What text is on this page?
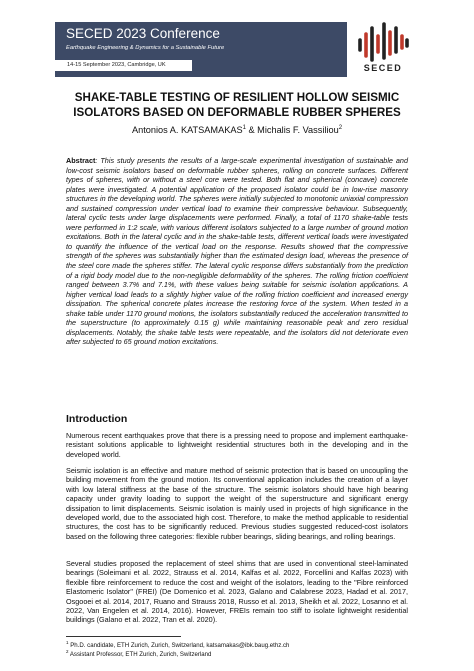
SECED 2023 Conference
Earthquake Engineering & Dynamics for a Sustainable Future
14-15 September 2023, Cambridge, UK	SECED
SHAKE-TABLE TESTING OF RESILIENT HOLLOW SEISMIC
ISOLATORS BASED ON DEFORMABLE RUBBER SPHERES
Antonios A. KATSAMAKAS$^1$ & Michalis F. Vassiliou$^2$
Abstract: This study presents the results of a large-scale experimental investigation of sustainable and low-cost seismic isolators based on deformable rubber spheres, rolling on concrete surfaces. Different types of spheres, with or without a steel core were tested. Both flat and spherical (concave) concrete plates were investigated. A potential application of the proposed isolator could be in low-rise masonry structures in the developing world. The spheres were initially subjected to monotonic uniaxial compression and sustained compression under vertical load to examine their compressive behaviour. Subsequently, lateral cyclic tests under large displacements were performed. Finally, a total of 1170 shake-table tests were performed in 1:2 scale, with various different isolators subjected to a large number of ground motion excitations. Both in the lateral cyclic and in the shake-table tests, different vertical loads were investigated to quantify the influence of the vertical load on the response. Results showed that the compressive strength of the spheres was substantially higher than the estimated design load, whereas the presence of the steel core made the spheres stiffer. The lateral cyclic response differs substantially from the prediction of a rigid body model due to the non-negligible deformability of the spheres. The rolling friction coefficient ranged between 3.7% and 7.1%, with these values being suitable for seismic isolation applications. A higher vertical load leads to a slightly higher value of the rolling friction coefficient and increased energy dissipation. The spherical concrete plates increase the restoring force of the system. When tested in a shake table under 1170 ground motions, the isolators substantially reduced the acceleration transmitted to the superstructure (to approximately 0.15 g) while maintaining reasonable peak and zero residual displacements. Notably, the shake table tests were repeatable, and the isolators did not deteriorate even after subjected to 65 ground motion excitations.
Introduction
Numerous recent earthquakes prove that there is a pressing need to propose and implement earthquake-resistant solutions applicable to lightweight residential structures both in the developing and in the developed world.
Seismic isolation is an effective and mature method of seismic protection that is based on uncoupling the building movement from the ground motion. Its conventional application includes the creation of a layer with low lateral stiffness at the base of the structure. The seismic isolators should have high bearing capacity under gravity loading to support the weight of the superstructure and significant energy dissipation to limit displacements. Seismic isolation is mainly used in projects of high significance in the developed world, due to the associated high cost. Therefore, to make the method applicable to residential structures, the cost has to be significantly reduced. Previous studies suggested reduced-cost isolators based on the following three categories: flexible rubber bearings, sliding bearings, and rolling bearings.
Several studies proposed the replacement of steel shims that are used in conventional steel-laminated bearings (Soleimani et al. 2022, Strauss et al. 2014, Kalfas et al. 2022, Forcellini and Kalfas 2023) with flexible fibre reinforcement to reduce the cost and weight of the isolators, leading to the "Fibre reinforced Elastomeric Isolator" (FREI) (De Domenico et al. 2023, Galano and Calabrese 2023, Hadad et al. 2017, Osgooei et al. 2014, 2017, Ruano and Strauss 2018, Russo et al. 2013, Sheikh et al. 2022, Losanno et al. 2022, Van Engelen et al. 2014, 2016). However, FREIs remain too stiff to isolate lightweight residential buildings (Galano et al. 2022, Tran et al. 2020).
$^1$ Ph.D. candidate, ETH Zurich, Zurich, Switzerland, katsamakas@ibk.baug.ethz.ch
$^2$ Assistant Professor, ETH Zurich, Zurich, Switzerland
